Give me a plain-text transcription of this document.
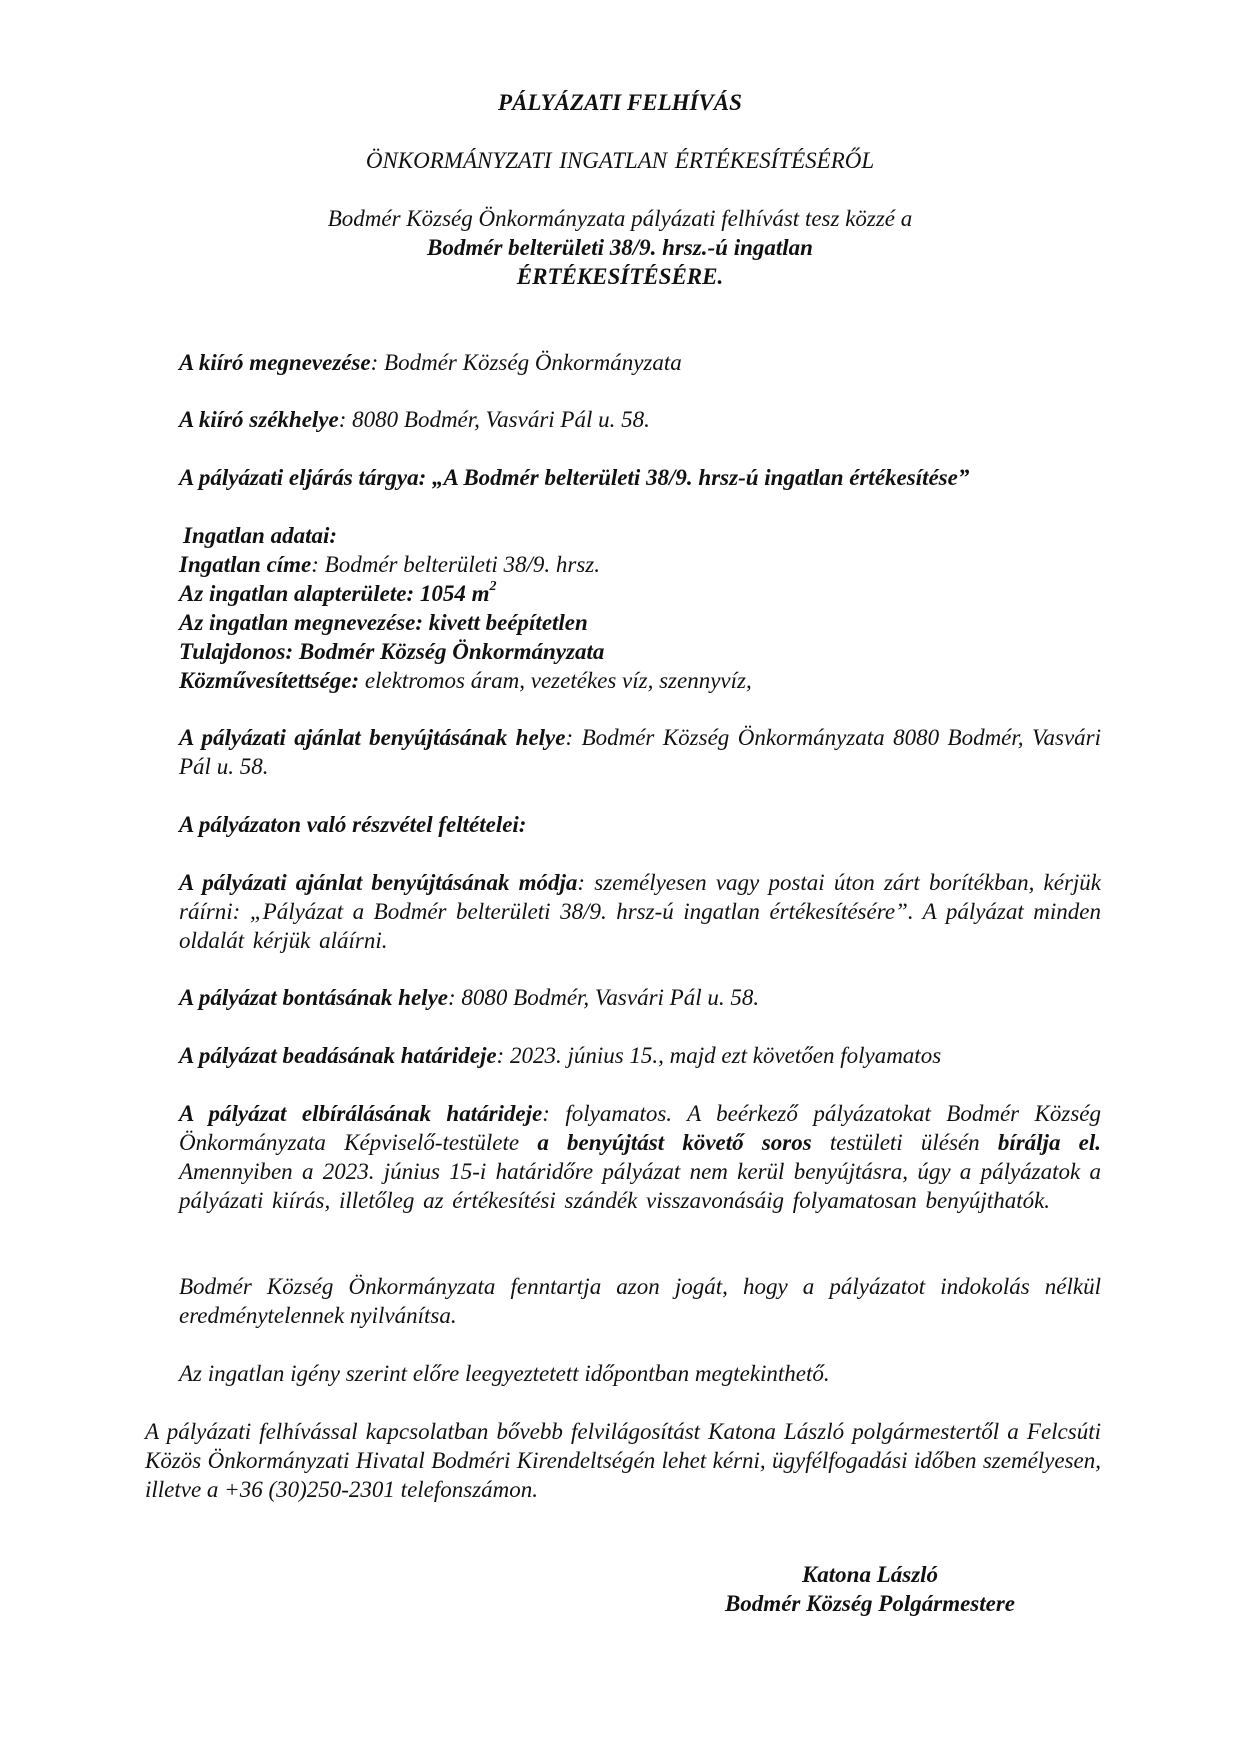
PÁLYÁZATI FELHÍVÁS
ÖNKORMÁNYZATI INGATLAN ÉRTÉKESÍTÉSÉRŐL
Bodmér Község Önkormányzata pályázati felhívást tesz közzé a
Bodmér belterületi 38/9. hrsz.-ú ingatlan
ÉRTÉKESÍTÉSÉRE.
A kiíró megnevezése: Bodmér Község Önkormányzata
A kiíró székhelye: 8080 Bodmér, Vasvári Pál u. 58.
A pályázati eljárás tárgya: „A Bodmér belterületi 38/9. hrsz-ú ingatlan értékesítése”
Ingatlan adatai:
Ingatlan címe: Bodmér belterületi 38/9. hrsz.
Az ingatlan alapterülete: 1054 $m^2$
Az ingatlan megnevezése: kivett beépítetlen
Tulajdonos: Bodmér Község Önkormányzata
Közművesítettsége: elektromos áram, vezetékes víz, szennyvíz,
A pályázati ajánlat benyújtásának helye: Bodmér Község Önkormányzata 8080 Bodmér, Vasvári Pál u. 58.
A pályázaton való részvétel feltételei:
A pályázati ajánlat benyújtásának módja: személyesen vagy postai úton zárt borítékban, kérjük ráírni: „Pályázat a Bodmér belterületi 38/9. hrsz-ú ingatlan értékesítésére”. A pályázat minden oldalát kérjük aláírni.
A pályázat bontásának helye: 8080 Bodmér, Vasvári Pál u. 58.
A pályázat beadásának határideje: 2023. június 15., majd ezt követően folyamatos
A pályázat elbírálásának határideje: folyamatos. A beérkező pályázatokat Bodmér Község Önkormányzata Képviselő-testülete a benyújtást követő soros testületi ülésén bírálja el. Amennyiben a 2023. június 15-i határidőre pályázat nem kerül benyújtásra, úgy a pályázatok a pályázati kiírás, illetőleg az értékesítési szándék visszavonásáig folyamatosan benyújthatók.
Bodmér Község Önkormányzata fenntartja azon jogát, hogy a pályázatot indokolás nélkül eredménytelennek nyilvánítsa.
Az ingatlan igény szerint előre leegyeztetett időpontban megtekinthető.
A pályázati felhívással kapcsolatban bővebb felvilágosítást Katona László polgármestertől a Felcsúti Közös Önkormányzati Hivatal Bodméri Kirendeltségén lehet kérni, ügyfélfogadási időben személyesen, illetve a +36 (30)250-2301 telefonszámon.
Katona László
Bodmér Község Polgármestere
